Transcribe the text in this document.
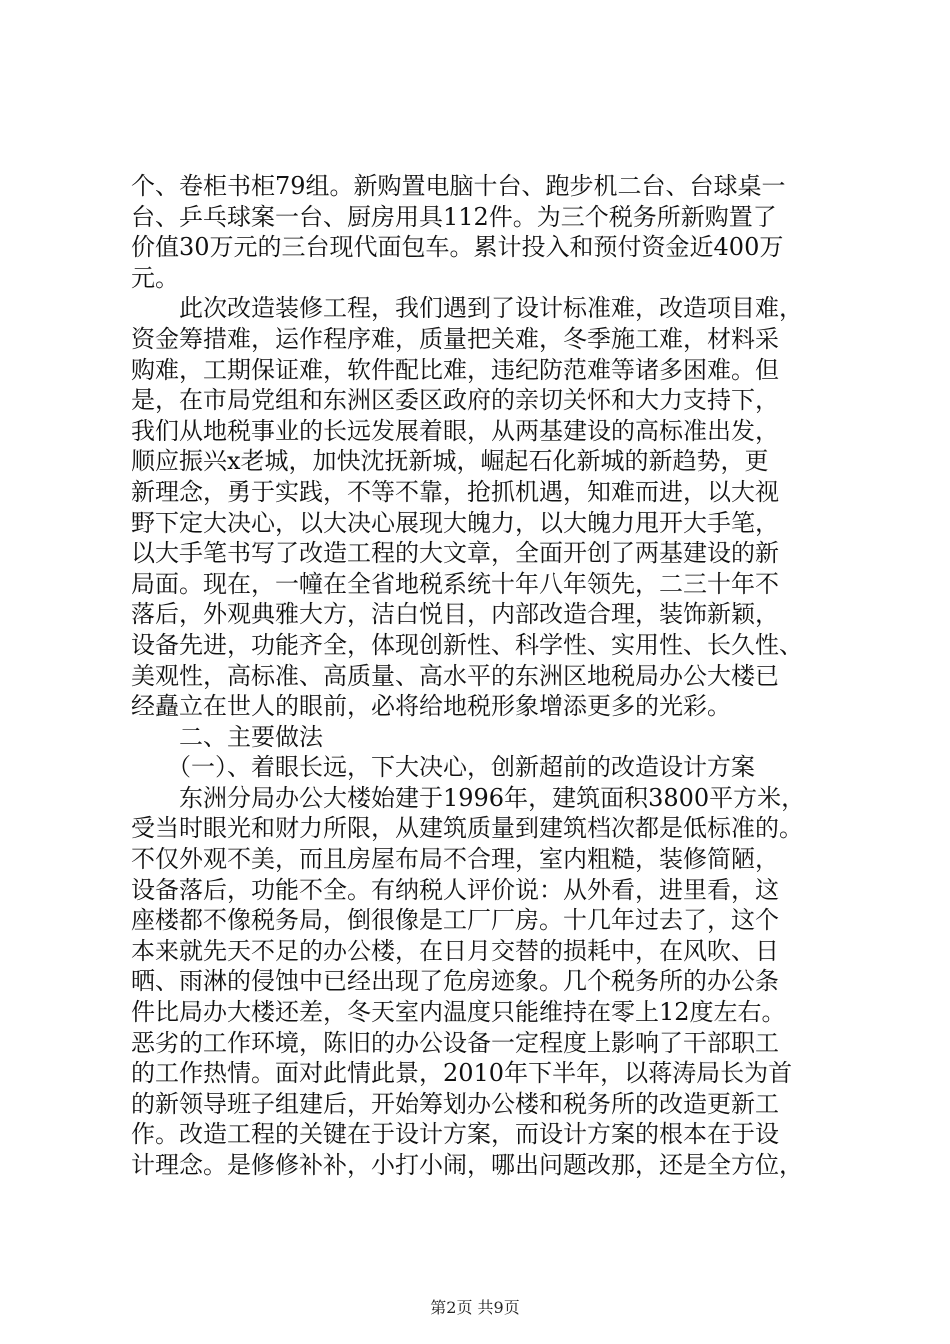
个、卷柜书柜79组。新购置电脑十台、跑步机二台、台球桌一
台、乒乓球案一台、厨房用具112件。为三个税务所新购置了
价值30万元的三台现代面包车。累计投入和预付资金近400万
元。
　　此次改造装修工程，我们遇到了设计标准难，改造项目难，
资金筹措难，运作程序难，质量把关难，冬季施工难，材料采
购难，工期保证难，软件配比难，违纪防范难等诸多困难。但
是，在市局党组和东洲区委区政府的亲切关怀和大力支持下，
我们从地税事业的长远发展着眼，从两基建设的高标准出发，
顺应振兴x老城，加快沈抚新城，崛起石化新城的新趋势，更
新理念，勇于实践，不等不靠，抢抓机遇，知难而进，以大视
野下定大决心，以大决心展现大魄力，以大魄力甩开大手笔，
以大手笔书写了改造工程的大文章，全面开创了两基建设的新
局面。现在，一幢在全省地税系统十年八年领先，二三十年不
落后，外观典雅大方，洁白悦目，内部改造合理，装饰新颖，
设备先进，功能齐全，体现创新性、科学性、实用性、长久性、
美观性，高标准、高质量、高水平的东洲区地税局办公大楼已
经矗立在世人的眼前，必将给地税形象增添更多的光彩。
　　二、主要做法
　　（一）、着眼长远，下大决心，创新超前的改造设计方案
　　东洲分局办公大楼始建于1996年，建筑面积3800平方米，
受当时眼光和财力所限，从建筑质量到建筑档次都是低标准的。
不仅外观不美，而且房屋布局不合理，室内粗糙，装修简陋，
设备落后，功能不全。有纳税人评价说：从外看，进里看，这
座楼都不像税务局，倒很像是工厂厂房。十几年过去了，这个
本来就先天不足的办公楼，在日月交替的损耗中，在风吹、日
晒、雨淋的侵蚀中已经出现了危房迹象。几个税务所的办公条
件比局办大楼还差，冬天室内温度只能维持在零上12度左右。
恶劣的工作环境，陈旧的办公设备一定程度上影响了干部职工
的工作热情。面对此情此景，2010年下半年，以蒋涛局长为首
的新领导班子组建后，开始筹划办公楼和税务所的改造更新工
作。改造工程的关键在于设计方案，而设计方案的根本在于设
计理念。是修修补补，小打小闹，哪出问题改那，还是全方位，
第2页 共9页
